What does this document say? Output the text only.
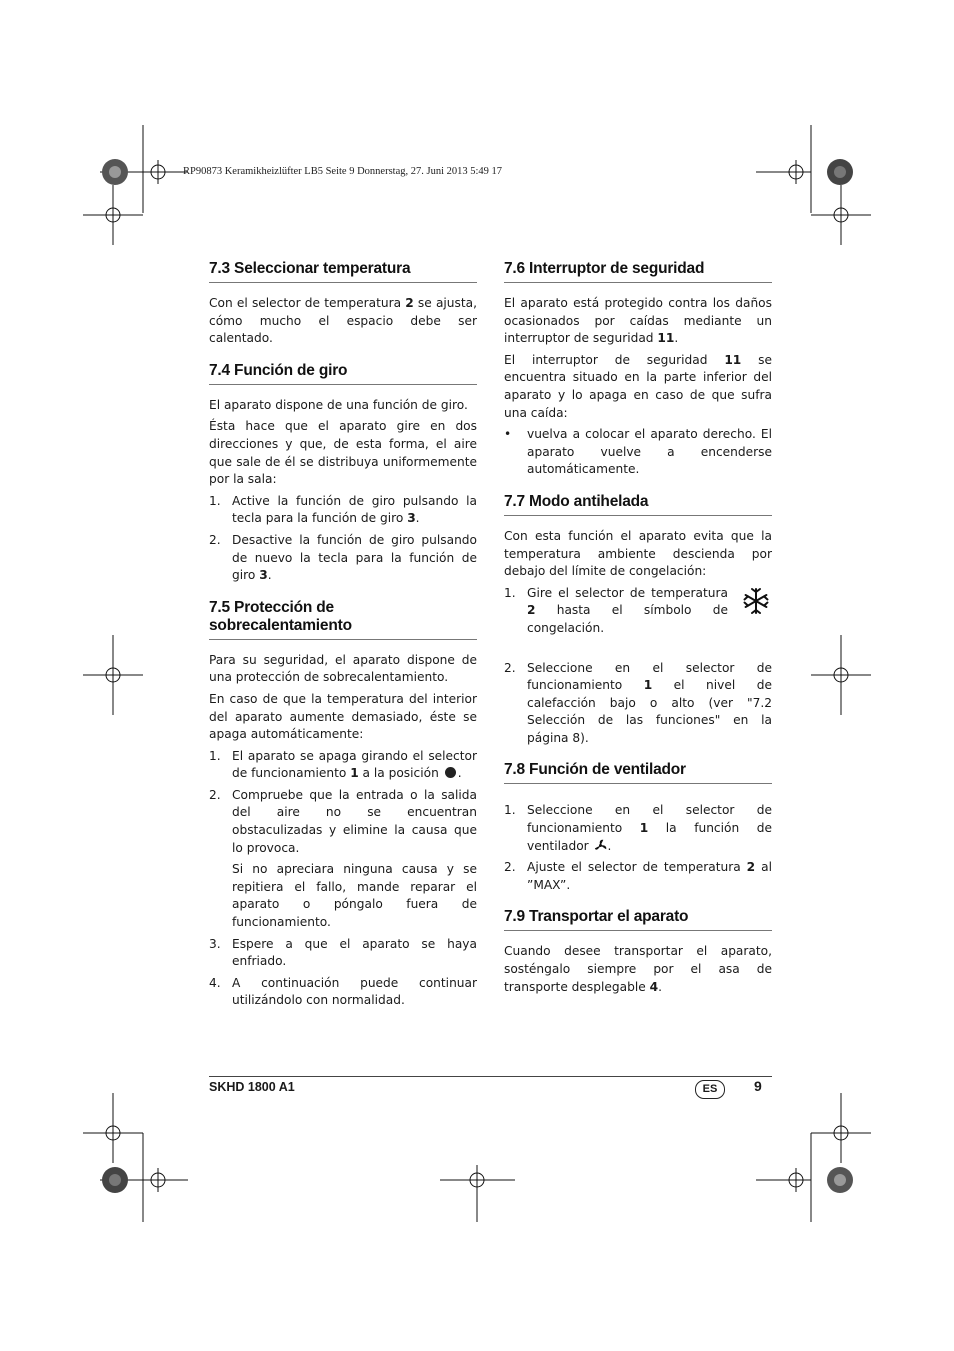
RP90873 Keramikheizlüfter LB5 Seite 9 Donnerstag, 27. Juni 2013 5:49 17
7.3 Seleccionar temperatura

Con el selector de temperatura 2 se ajusta, cómo mucho el espacio debe ser calentado.

7.4 Función de giro

El aparato dispone de una función de giro.

Ésta hace que el aparato gire en dos direcciones y que, de esta forma, el aire que sale de él se distribuya uniformemente por la sala:

1. Active la función de giro pulsando la tecla para la función de giro 3.
2. Desactive la función de giro pulsando de nuevo la tecla para la función de giro 3.
7.5 Protección de sobrecalentamiento

Para su seguridad, el aparato dispone de una protección de sobrecalentamiento.

En caso de que la temperatura del interior del aparato aumente demasiado, éste se apaga automáticamente:

1. El aparato se apaga girando el selector de funcionamiento 1 a la posición .
2. Compruebe que la entrada o la salida del aire no se encuentran obstaculizadas y elimine la causa que lo provoca.

Si no apreciara ninguna causa y se repitiera el fallo, mande reparar el aparato o póngalo fuera de funcionamiento.

3. Espere a que el aparato se haya enfriado.
4. A continuación puede continuar utilizándolo con normalidad.
7.6 Interruptor de seguridad

El aparato está protegido contra los daños ocasionados por caídas mediante un interruptor de seguridad 11.

El interruptor de seguridad 11 se encuentra situado en la parte inferior del aparato y lo apaga en caso de que sufra una caída:

• vuelva a colocar el aparato derecho. El aparato vuelve a encenderse automáticamente.
7.7 Modo antihelada

Con esta función el aparato evita que la temperatura ambiente descienda por debajo del límite de congelación:

1. Gire el selector de temperatura 2 hasta el símbolo de congelación.
2. Seleccione en el selector de funcionamiento 1 el nivel de calefacción bajo o alto (ver "7.2 Selección de las funciones" en la página 8).
7.8 Función de ventilador
1. Seleccione en el selector de funcionamiento 1 la función de ventilador .
2. Ajuste el selector de temperatura 2 al ”MAX”.
7.9 Transportar el aparato

Cuando desee transportar el aparato, sosténgalo siempre por el asa de transporte desplegable 4.

SKHD 1800 A1	ES	9
